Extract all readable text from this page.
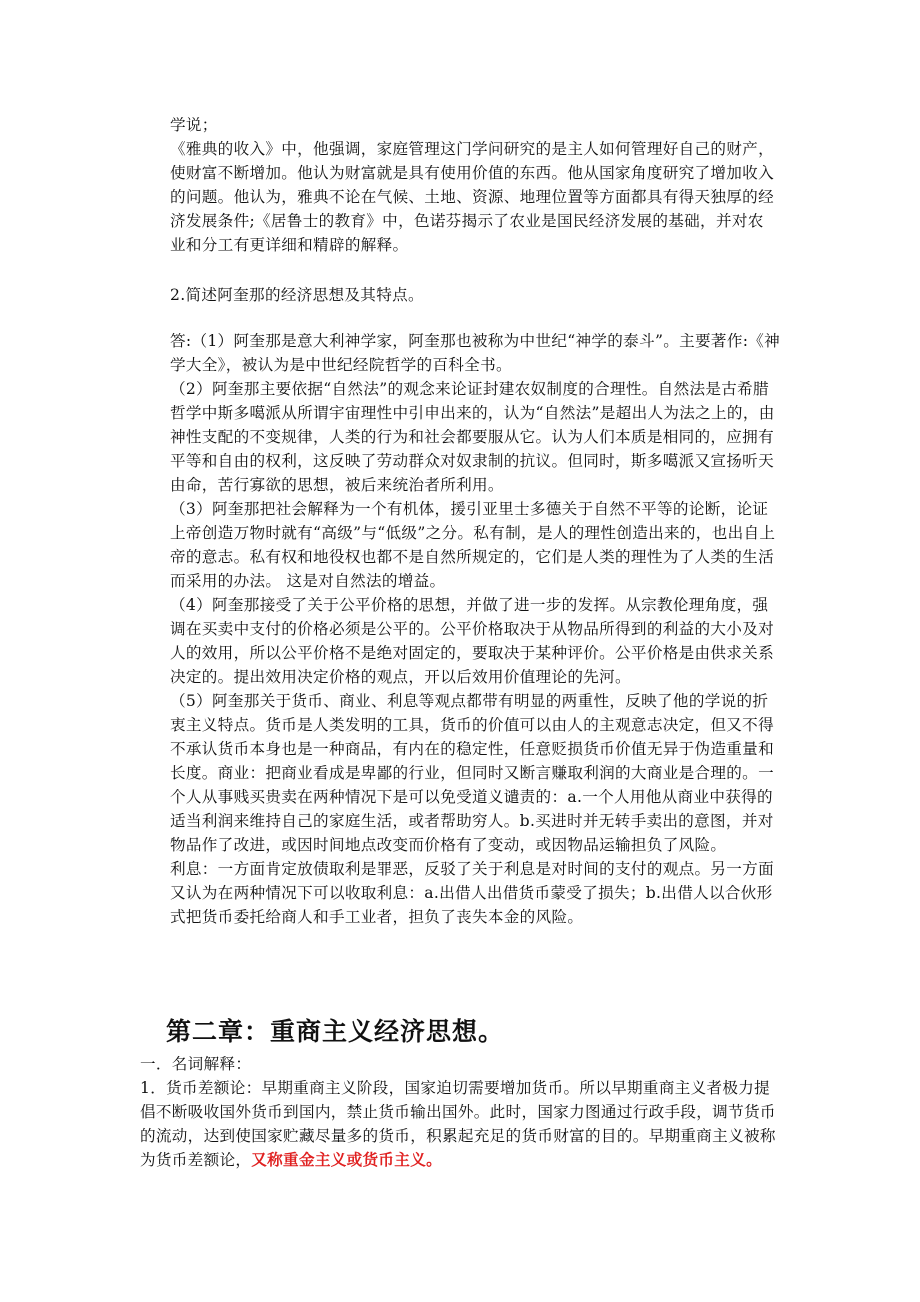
学说；
《雅典的收入》中，他强调，家庭管理这门学问研究的是主人如何管理好自己的财产，
使财富不断增加。他认为财富就是具有使用价值的东西。他从国家角度研究了增加收入
的问题。他认为，雅典不论在气候、土地、资源、地理位置等方面都具有得天独厚的经
济发展条件;《居鲁士的教育》中，色诺芬揭示了农业是国民经济发展的基础，并对农
业和分工有更详细和精辟的解释。
2.简述阿奎那的经济思想及其特点。
答:（1）阿奎那是意大利神学家，阿奎那也被称为中世纪“神学的泰斗”。主要著作:《神
学大全》，被认为是中世纪经院哲学的百科全书。
（2）阿奎那主要依据“自然法”的观念来论证封建农奴制度的合理性。自然法是古希腊
哲学中斯多噶派从所谓宇宙理性中引申出来的，认为“自然法”是超出人为法之上的，由
神性支配的不变规律，人类的行为和社会都要服从它。认为人们本质是相同的，应拥有
平等和自由的权利，这反映了劳动群众对奴隶制的抗议。但同时，斯多噶派又宣扬听天
由命，苦行寡欲的思想，被后来统治者所利用。
（3）阿奎那把社会解释为一个有机体，援引亚里士多德关于自然不平等的论断，论证
上帝创造万物时就有“高级”与“低级”之分。私有制，是人的理性创造出来的，也出自上
帝的意志。私有权和地役权也都不是自然所规定的，它们是人类的理性为了人类的生活
而采用的办法。 这是对自然法的增益。
（4）阿奎那接受了关于公平价格的思想，并做了进一步的发挥。从宗教伦理角度，强
调在买卖中支付的价格必须是公平的。公平价格取决于从物品所得到的利益的大小及对
人的效用，所以公平价格不是绝对固定的，要取决于某种评价。公平价格是由供求关系
决定的。提出效用决定价格的观点，开以后效用价值理论的先河。
（5）阿奎那关于货币、商业、利息等观点都带有明显的两重性，反映了他的学说的折
衷主义特点。货币是人类发明的工具，货币的价值可以由人的主观意志决定，但又不得
不承认货币本身也是一种商品，有内在的稳定性，任意贬损货币价值无异于伪造重量和
长度。商业：把商业看成是卑鄙的行业，但同时又断言赚取利润的大商业是合理的。一
个人从事贱买贵卖在两种情况下是可以免受道义谴责的：a.一个人用他从商业中获得的
适当利润来维持自己的家庭生活，或者帮助穷人。b.买进时并无转手卖出的意图，并对
物品作了改进，或因时间地点改变而价格有了变动，或因物品运输担负了风险。
利息：一方面肯定放债取利是罪恶，反驳了关于利息是对时间的支付的观点。另一方面
又认为在两种情况下可以收取利息：a.出借人出借货币蒙受了损失；b.出借人以合伙形
式把货币委托给商人和手工业者，担负了丧失本金的风险。
第二章：重商主义经济思想。
一．名词解释：
1．货币差额论：早期重商主义阶段，国家迫切需要增加货币。所以早期重商主义者极力提
倡不断吸收国外货币到国内，禁止货币输出国外。此时，国家力图通过行政手段，调节货币
的流动，达到使国家贮藏尽量多的货币，积累起充足的货币财富的目的。早期重商主义被称
为货币差额论，又称重金主义或货币主义。
